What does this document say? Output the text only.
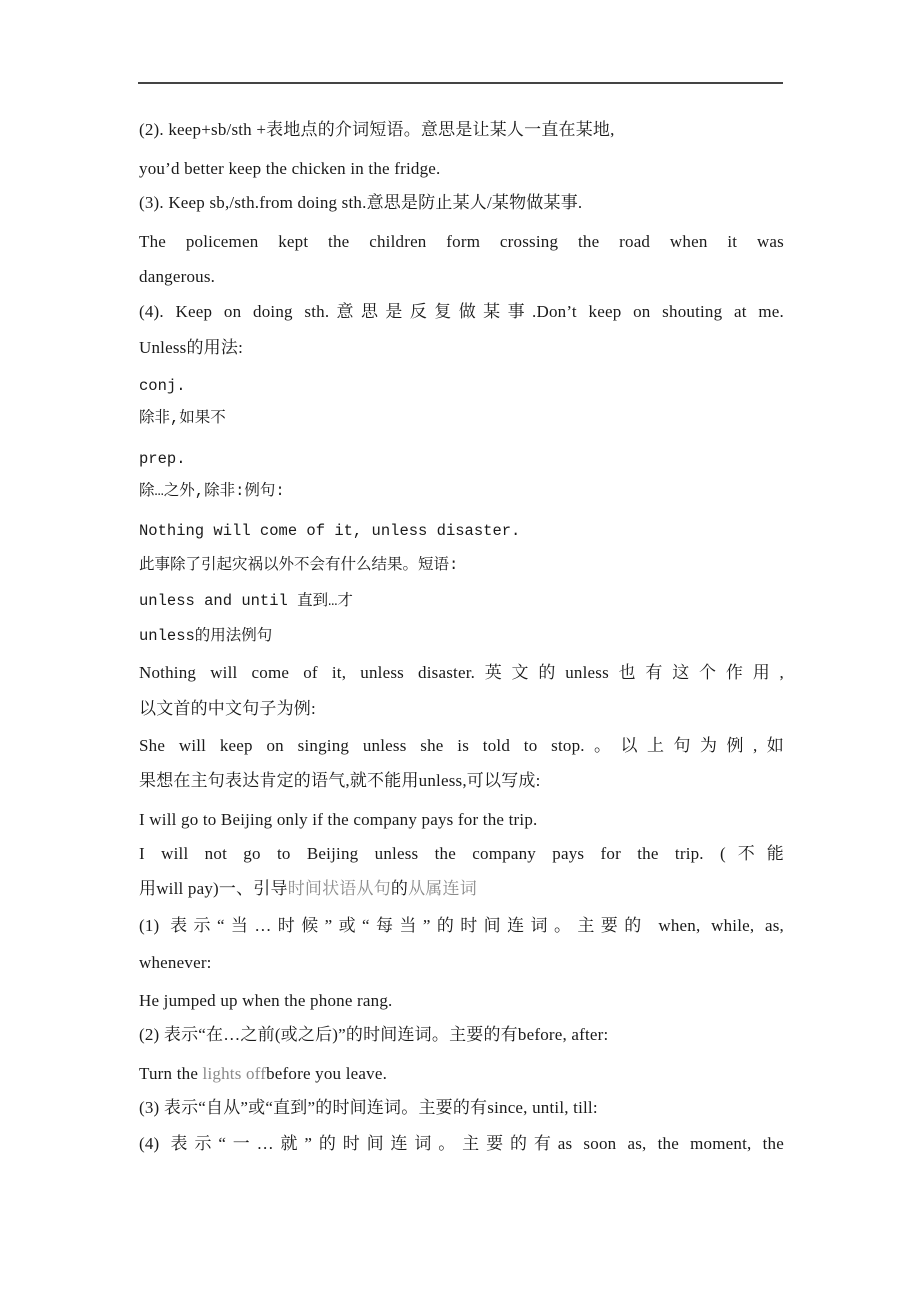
(2). keep+sb/sth +表地点的介词短语。意思是让某人一直在某地,
you’d better keep the chicken in the fridge.
(3). Keep sb,/sth.from doing sth.意思是防止某人/某物做某事.
The policemen kept the children form crossing the road when it was
dangerous.
(4). Keep on doing sth.意思是反复做某事.Don’t keep on shouting at me.
Unless的用法:
conj.
除非,如果不
prep.
除…之外,除非:例句:
Nothing will come of it, unless disaster.
此事除了引起灾祸以外不会有什么结果。短语:
unless and until 直到…才
unless的用法例句
Nothing will come of it, unless disaster.英文的unless也有这个作用,
以文首的中文句子为例:
She will keep on singing unless she is told to stop.。以上句为例,如
果想在主句表达肯定的语气,就不能用unless,可以写成:
I will go to Beijing only if the company pays for the trip.
I will not go to Beijing unless the company pays for the trip. (不能
用will pay)一、引导时间状语从句的从属连词
(1) 表示“当…时候”或“每当”的时间连词。主要的 when, while, as,
whenever:
He jumped up when the phone rang.
(2) 表示“在…之前(或之后)”的时间连词。主要的有before, after:
Turn the lights offbefore you leave.
(3) 表示“自从”或“直到”的时间连词。主要的有since, until, till:
(4) 表示“一…就”的时间连词。主要的有as soon as, the moment, the
